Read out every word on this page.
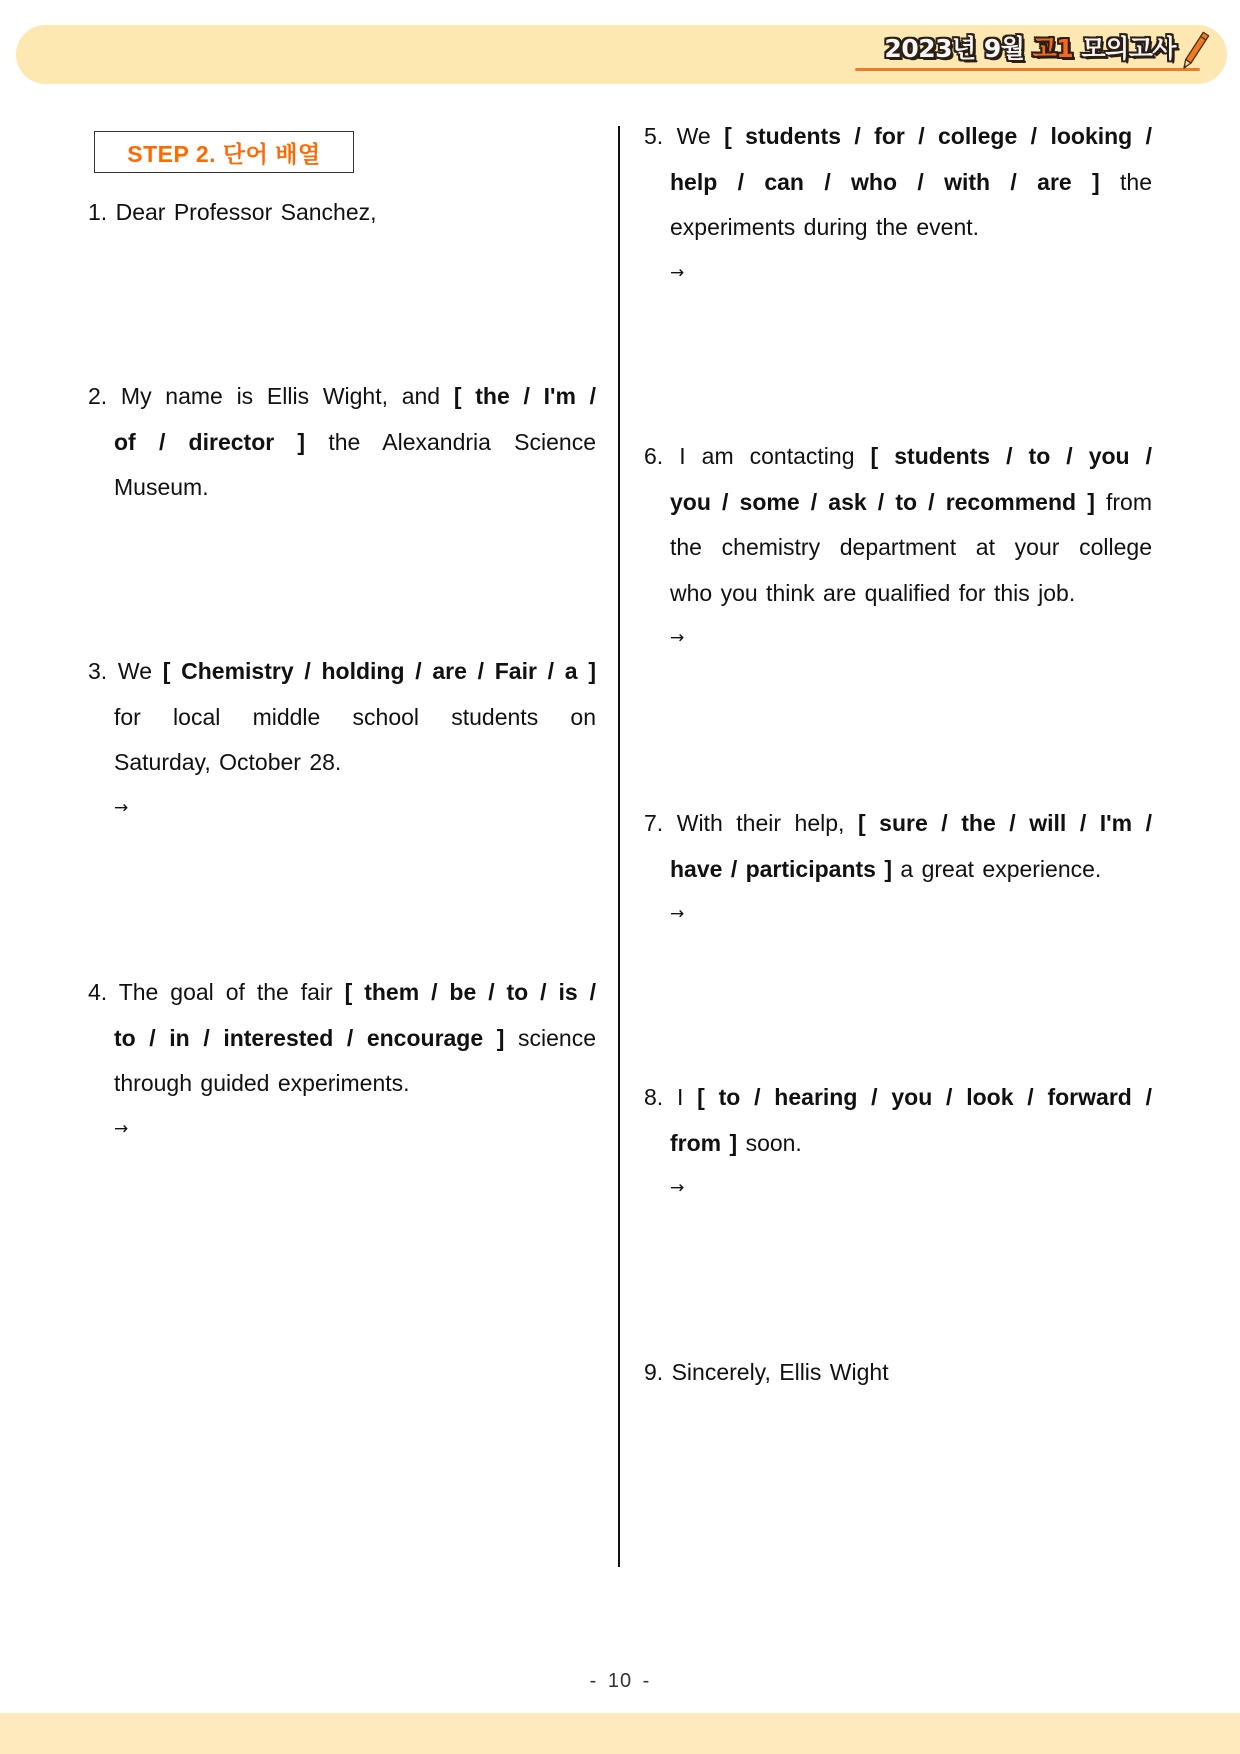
2023년 9월 고1 모의고사
STEP 2. 단어 배열
1. Dear Professor Sanchez,
2. My name is Ellis Wight, and [ the / I'm /
of / director ] the Alexandria Science
Museum.
3. We [ Chemistry / holding / are / Fair / a ]
for local middle school students on
Saturday, October 28.
→
4. The goal of the fair [ them / be / to / is /
to / in / interested / encourage ] science
through guided experiments.
→
5. We [ students / for / college / looking /
help / can / who / with / are ] the
experiments during the event.
→
6. I am contacting [ students / to / you /
you / some / ask / to / recommend ] from
the chemistry department at your college
who you think are qualified for this job.
→
7. With their help, [ sure / the / will / I'm /
have / participants ] a great experience.
→
8. I [ to / hearing / you / look / forward /
from ] soon.
→
9. Sincerely, Ellis Wight
- 10 -
